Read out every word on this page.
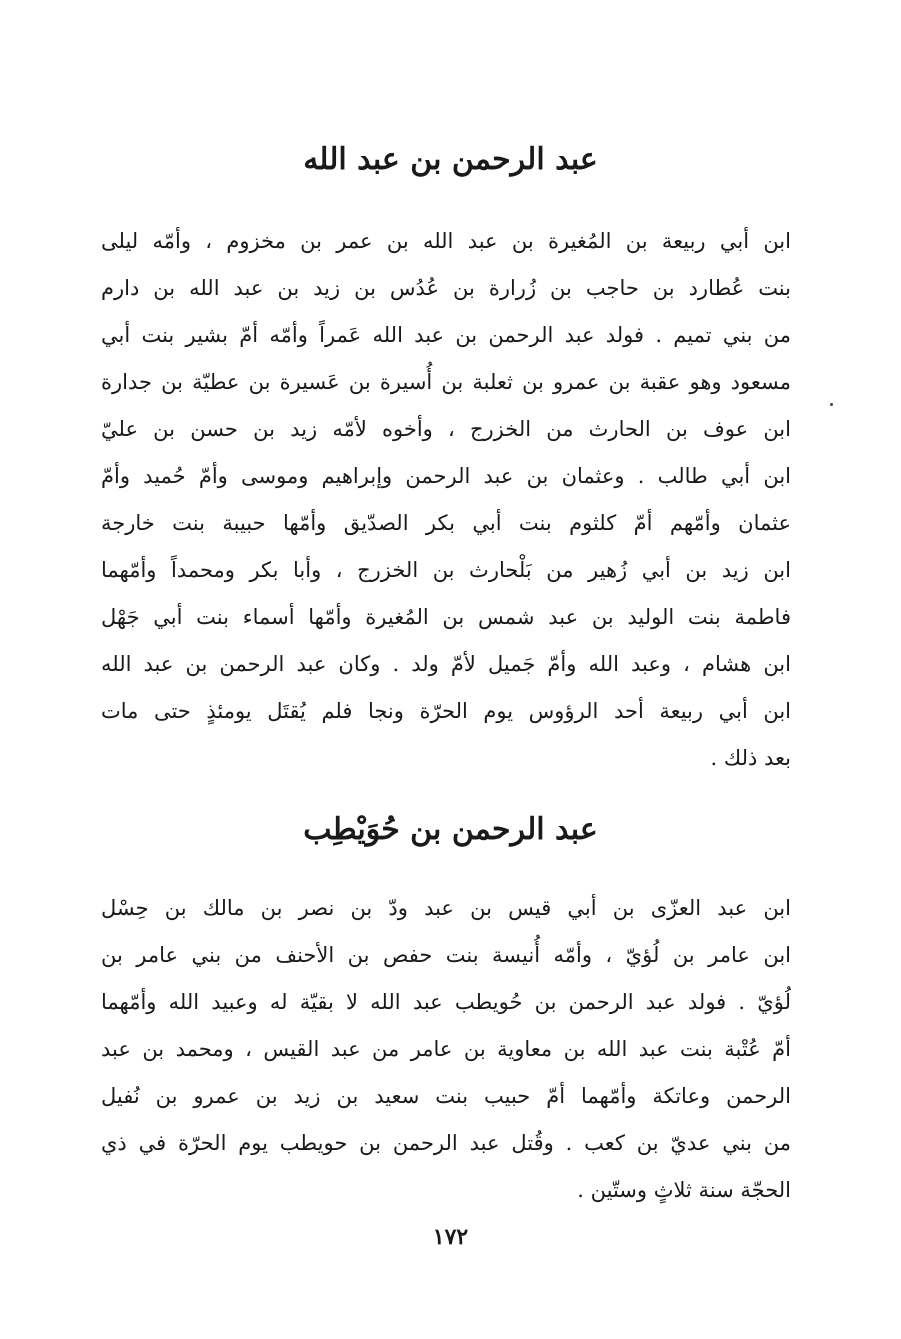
عبد الرحمن بن عبد الله
ابن أبي ربيعة بن المُغيرة بن عبد الله بن عمر بن مخزوم ، وأمّه ليلى
بنت عُطارد بن حاجب بن زُرارة بن عُدُس بن زيد بن عبد الله بن دارم
من بني تميم . فولد عبد الرحمن بن عبد الله عَمراً وأمّه أمّ بشير بنت أبي
مسعود وهو عقبة بن عمرو بن ثعلبة بن أُسيرة بن عَسيرة بن عطيّة بن جدارة
ابن عوف بن الحارث من الخزرج ، وأخوه لأمّه زيد بن حسن بن عليّ
ابن أبي طالب . وعثمان بن عبد الرحمن وإبراهيم وموسى وأمّ حُميد وأمّ
عثمان وأمّهم أمّ كلثوم بنت أبي بكر الصدّيق وأمّها حبيبة بنت خارجة
ابن زيد بن أبي زُهير من بَلْحارث بن الخزرج ، وأبا بكر ومحمداً وأمّهما
فاطمة بنت الوليد بن عبد شمس بن المُغيرة وأمّها أسماء بنت أبي جَهْل
ابن هشام ، وعبد الله وأمّ جَميل لأمّ ولد . وكان عبد الرحمن بن عبد الله
ابن أبي ربيعة أحد الرؤوس يوم الحرّة ونجا فلم يُقتَل يومئذٍ حتى مات
بعد ذلك .
عبد الرحمن بن حُوَيْطِب
ابن عبد العزّى بن أبي قيس بن عبد ودّ بن نصر بن مالك بن حِسْل
ابن عامر بن لُؤيّ ، وأمّه أُنيسة بنت حفص بن الأحنف من بني عامر بن
لُؤيّ . فولد عبد الرحمن بن حُويطب عبد الله لا بقيّة له وعبيد الله وأمّهما
أمّ عُتْبة بنت عبد الله بن معاوية بن عامر من عبد القيس ، ومحمد بن عبد
الرحمن وعاتكة وأمّهما أمّ حبيب بنت سعيد بن زيد بن عمرو بن نُفيل
من بني عديّ بن كعب . وقُتل عبد الرحمن بن حويطب يوم الحرّة في ذي
الحجّة سنة ثلاثٍ وستّين .
١٧٢
